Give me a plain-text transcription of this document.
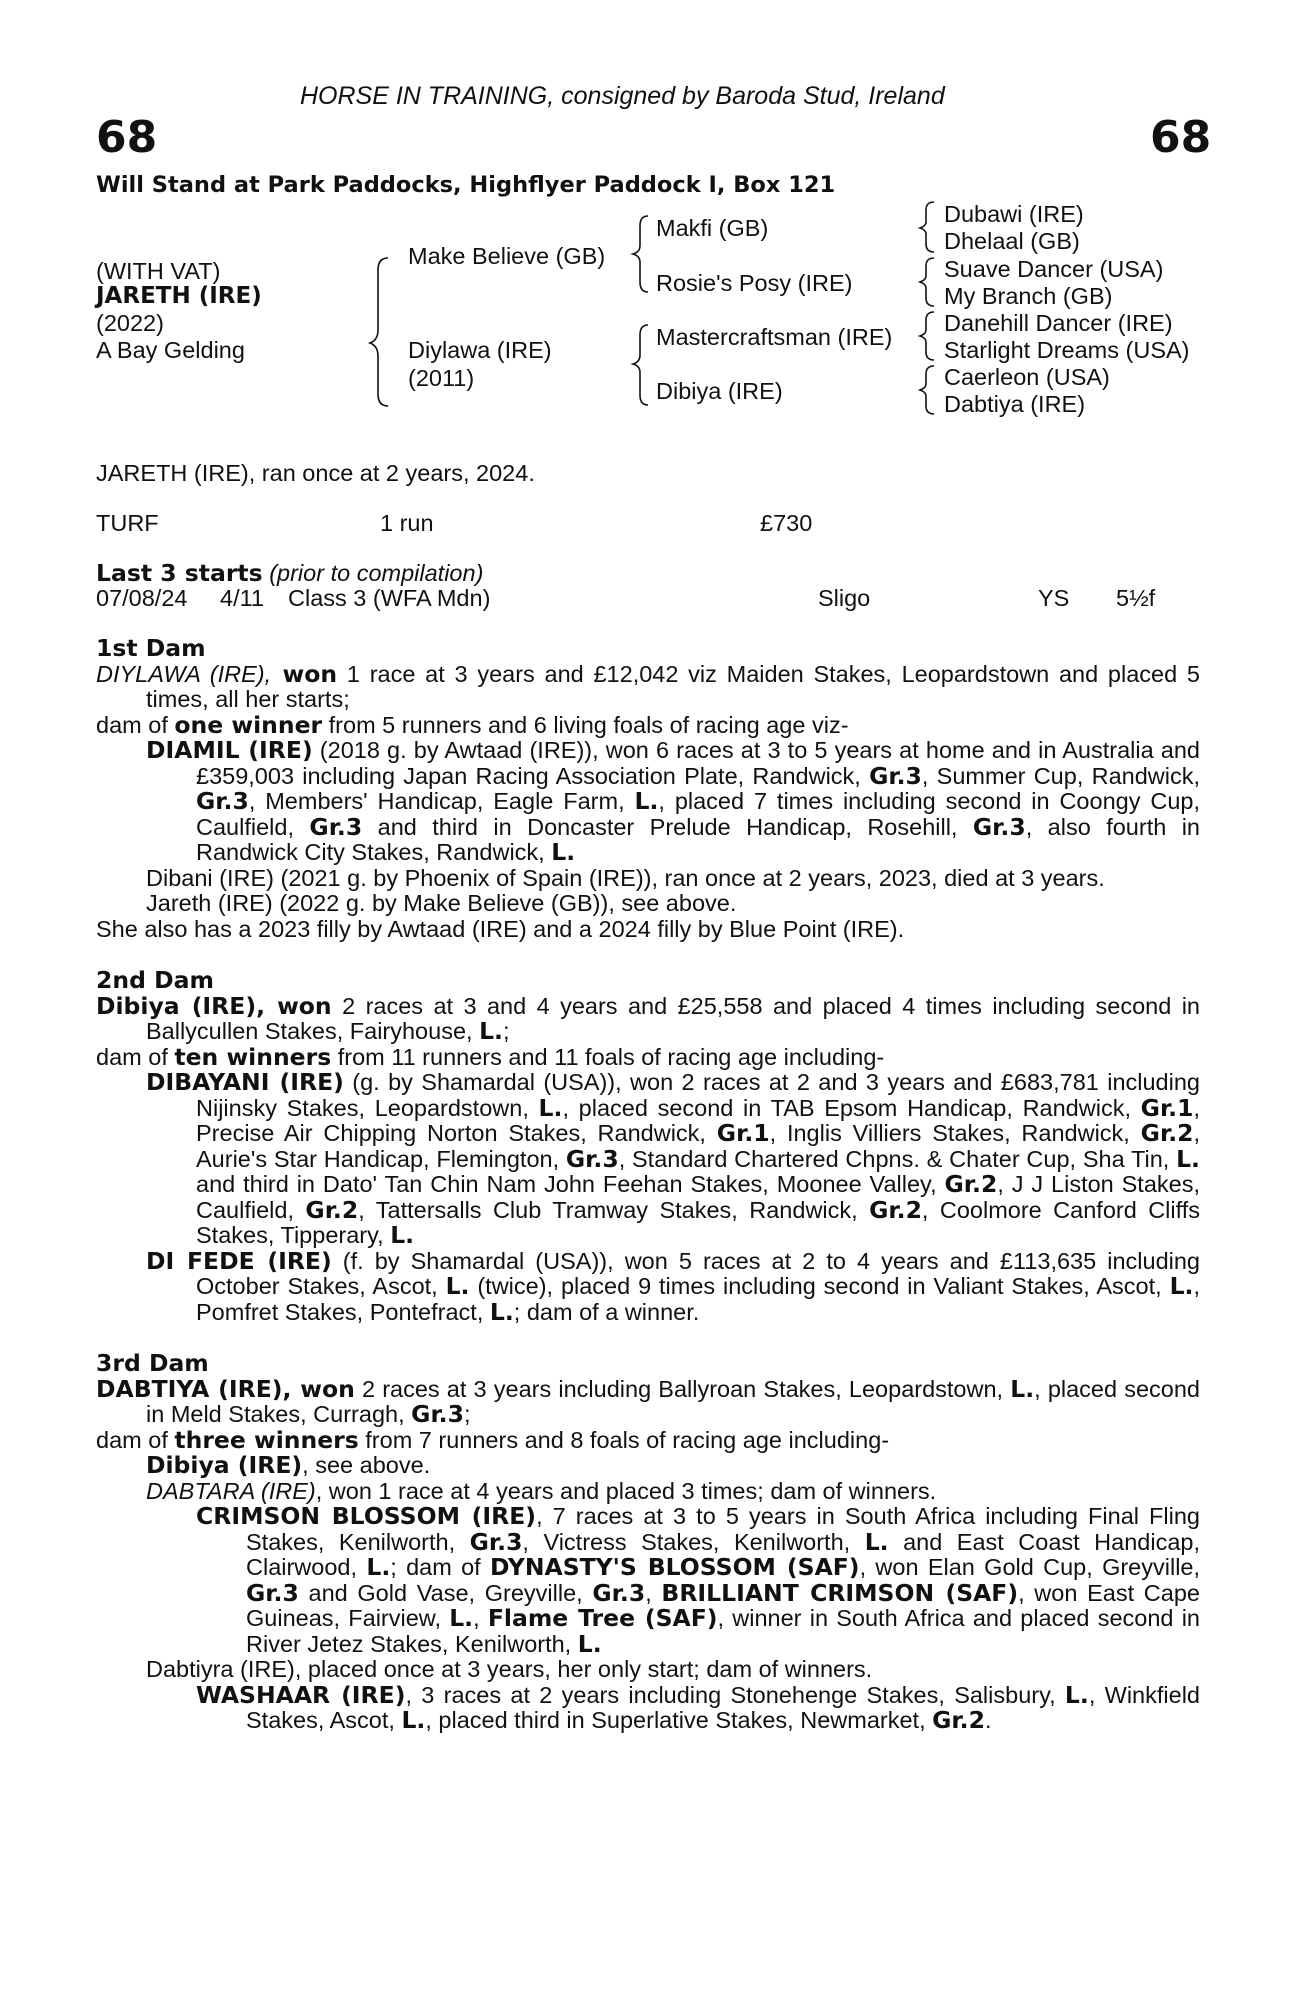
HORSE IN TRAINING, consigned by Baroda Stud, Ireland
68	68
Will Stand at Park Paddocks, Highflyer Paddock I, Box 121
(WITH VAT)
JARETH (IRE)
(2022)
A Bay Gelding
Make Believe (GB)
Diylawa (IRE)
(2011)
Makfi (GB)
Rosie's Posy (IRE)
Mastercraftsman (IRE)
Dibiya (IRE)
Dubawi (IRE)
Dhelaal (GB)
Suave Dancer (USA)
My Branch (GB)
Danehill Dancer (IRE)
Starlight Dreams (USA)
Caerleon (USA)
Dabtiya (IRE)
JARETH (IRE), ran once at 2 years, 2024.
TURF	1 run	£730
Last 3 starts (prior to compilation)
07/08/24 4/11 Class 3 (WFA Mdn)	Sligo	YS 5½f
1st Dam
DIYLAWA (IRE), won 1 race at 3 years and £12,042 viz Maiden Stakes, Leopardstown and placed 5 times, all her starts;
dam of one winner from 5 runners and 6 living foals of racing age viz-
DIAMIL (IRE) (2018 g. by Awtaad (IRE)), won 6 races at 3 to 5 years at home and in Australia and £359,003 including Japan Racing Association Plate, Randwick, Gr.3, Summer Cup, Randwick, Gr.3, Members' Handicap, Eagle Farm, L., placed 7 times including second in Coongy Cup, Caulfield, Gr.3 and third in Doncaster Prelude Handicap, Rosehill, Gr.3, also fourth in Randwick City Stakes, Randwick, L.
Dibani (IRE) (2021 g. by Phoenix of Spain (IRE)), ran once at 2 years, 2023, died at 3 years.
Jareth (IRE) (2022 g. by Make Believe (GB)), see above.
She also has a 2023 filly by Awtaad (IRE) and a 2024 filly by Blue Point (IRE).
2nd Dam
Dibiya (IRE), won 2 races at 3 and 4 years and £25,558 and placed 4 times including second in Ballycullen Stakes, Fairyhouse, L.;
dam of ten winners from 11 runners and 11 foals of racing age including-
DIBAYANI (IRE) (g. by Shamardal (USA)), won 2 races at 2 and 3 years and £683,781 including Nijinsky Stakes, Leopardstown, L., placed second in TAB Epsom Handicap, Randwick, Gr.1, Precise Air Chipping Norton Stakes, Randwick, Gr.1, Inglis Villiers Stakes, Randwick, Gr.2, Aurie's Star Handicap, Flemington, Gr.3, Standard Chartered Chpns. & Chater Cup, Sha Tin, L. and third in Dato' Tan Chin Nam John Feehan Stakes, Moonee Valley, Gr.2, J J Liston Stakes, Caulfield, Gr.2, Tattersalls Club Tramway Stakes, Randwick, Gr.2, Coolmore Canford Cliffs Stakes, Tipperary, L.
DI FEDE (IRE) (f. by Shamardal (USA)), won 5 races at 2 to 4 years and £113,635 including October Stakes, Ascot, L. (twice), placed 9 times including second in Valiant Stakes, Ascot, L., Pomfret Stakes, Pontefract, L.; dam of a winner.
3rd Dam
DABTIYA (IRE), won 2 races at 3 years including Ballyroan Stakes, Leopardstown, L., placed second in Meld Stakes, Curragh, Gr.3;
dam of three winners from 7 runners and 8 foals of racing age including-
Dibiya (IRE), see above.
DABTARA (IRE), won 1 race at 4 years and placed 3 times; dam of winners.
CRIMSON BLOSSOM (IRE), 7 races at 3 to 5 years in South Africa including Final Fling Stakes, Kenilworth, Gr.3, Victress Stakes, Kenilworth, L. and East Coast Handicap, Clairwood, L.; dam of DYNASTY'S BLOSSOM (SAF), won Elan Gold Cup, Greyville, Gr.3 and Gold Vase, Greyville, Gr.3, BRILLIANT CRIMSON (SAF), won East Cape Guineas, Fairview, L., Flame Tree (SAF), winner in South Africa and placed second in River Jetez Stakes, Kenilworth, L.
Dabtiyra (IRE), placed once at 3 years, her only start; dam of winners.
WASHAAR (IRE), 3 races at 2 years including Stonehenge Stakes, Salisbury, L., Winkfield Stakes, Ascot, L., placed third in Superlative Stakes, Newmarket, Gr.2.
